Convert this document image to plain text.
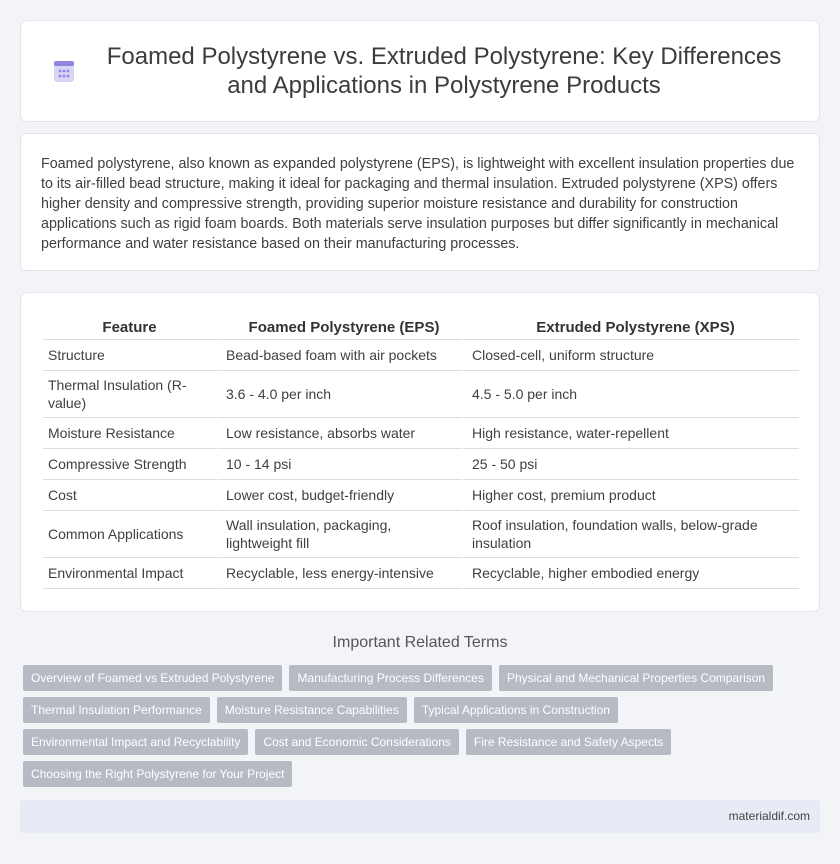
Foamed Polystyrene vs. Extruded Polystyrene: Key Differences and Applications in Polystyrene Products

Foamed polystyrene, also known as expanded polystyrene (EPS), is lightweight with excellent insulation properties due to its air-filled bead structure, making it ideal for packaging and thermal insulation. Extruded polystyrene (XPS) offers higher density and compressive strength, providing superior moisture resistance and durability for construction applications such as rigid foam boards. Both materials serve insulation purposes but differ significantly in mechanical performance and water resistance based on their manufacturing processes.

Feature	Foamed Polystyrene (EPS)	Extruded Polystyrene (XPS)
Structure	Bead-based foam with air pockets	Closed-cell, uniform structure
Thermal Insulation (R-value)	3.6 - 4.0 per inch	4.5 - 5.0 per inch
Moisture Resistance	Low resistance, absorbs water	High resistance, water-repellent
Compressive Strength	10 - 14 psi	25 - 50 psi
Cost	Lower cost, budget-friendly	Higher cost, premium product
Common Applications	Wall insulation, packaging, lightweight fill	Roof insulation, foundation walls, below-grade insulation
Environmental Impact	Recyclable, less energy-intensive	Recyclable, higher embodied energy
Important Related Terms
Overview of Foamed vs Extruded Polystyrene	Manufacturing Process Differences	Physical and Mechanical Properties Comparison
Thermal Insulation Performance	Moisture Resistance Capabilities	Typical Applications in Construction
Environmental Impact and Recyclability	Cost and Economic Considerations	Fire Resistance and Safety Aspects
Choosing the Right Polystyrene for Your Project
materialdif.com
